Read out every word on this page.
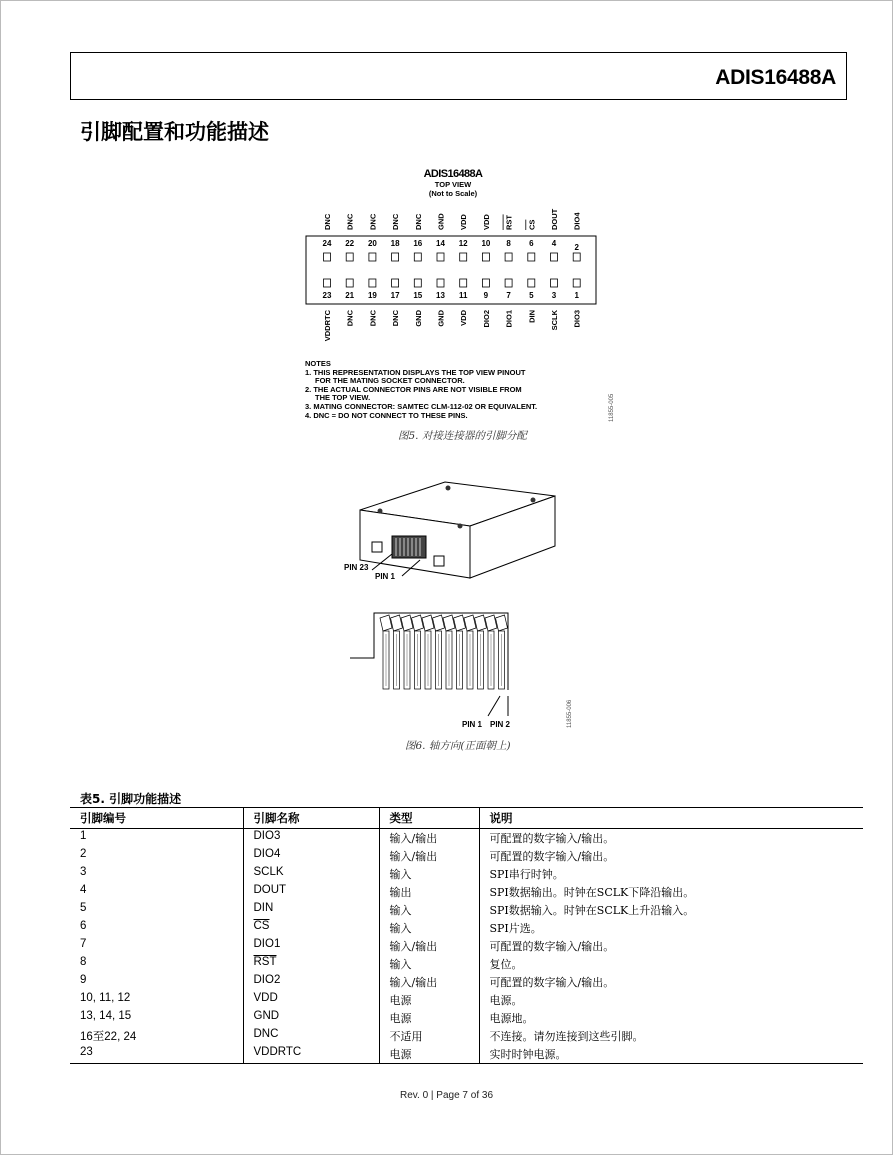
ADIS16488A
引脚配置和功能描述
ADIS16488A
TOP VIEW
(Not to Scale)
DNC DNC DNC DNC DNC GND VDD VDD RST CS DOUT DIO4
24 22 20 18 16 14 12 10 8 6 4 2
23 21 19 17 15 13 11 9 7 5 3 1
VDDRTC DNC DNC DNC GND GND VDD DIO2 DIO1 DIN SCLK DIO3
NOTES
1. THIS REPRESENTATION DISPLAYS THE TOP VIEW PINOUT
FOR THE MATING SOCKET CONNECTOR.
2. THE ACTUAL CONNECTOR PINS ARE NOT VISIBLE FROM
THE TOP VIEW.
3. MATING CONNECTOR: SAMTEC CLM-112-02 OR EQUIVALENT.
4. DNC = DO NOT CONNECT TO THESE PINS.	11855-005
图5. 对接连接器的引脚分配
PIN 23
PIN 1
PIN 1 PIN 2	11855-006
图6. 轴方向(正面朝上)
表5. 引脚功能描述
引脚编号	引脚名称	类型	说明
1	DIO3	输入/输出	可配置的数字输入/输出。
2	DIO4	输入/输出	可配置的数字输入/输出。
3	SCLK	输入	SPI串行时钟。
4	DOUT	输出	SPI数据输出。时钟在SCLK下降沿输出。
5	DIN	输入	SPI数据输入。时钟在SCLK上升沿输入。
6	$\overline{CS}$	输入	SPI片选。
7	DIO1	输入/输出	可配置的数字输入/输出。
8	$\overline{RST}$	输入	复位。
9	DIO2	输入/输出	可配置的数字输入/输出。
10, 11, 12	VDD	电源	电源。
13, 14, 15	GND	电源	电源地。
16至22, 24	DNC	不适用	不连接。请勿连接到这些引脚。
23	VDDRTC	电源	实时时钟电源。
Rev. 0 | Page 7 of 36
